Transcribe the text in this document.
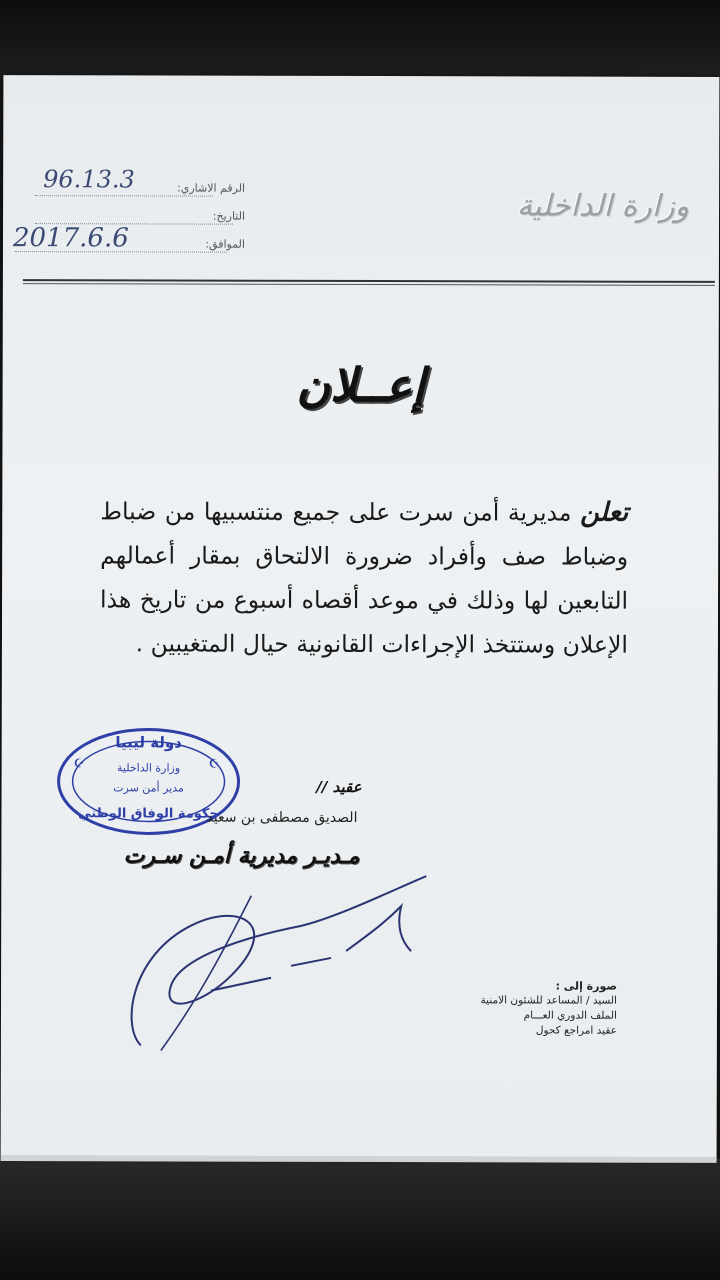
الرقم الاشاري:
96.13.3
التاريخ:
الموافق:
2017.6.6
وزارة الداخلية
إعــلان
تعلن مديرية أمن سرت على جميع منتسبيها من ضباط وضباط صف وأفراد ضرورة الالتحاق بمقار أعمالهم التابعين لها وذلك في موعد أقصاه أسبوع من تاريخ هذا الإعلان وستتخذ الإجراءات القانونية حيال المتغيبين .
☪
☪
دولة ليبيا
وزارة الداخلية
مدير أمن سرت
حكومة الوفاق الوطني
عقيد //
الصديق مصطفى بن سعيد
مـديـر مديرية أمـن سـرت
صورة إلى :
السيد / المساعد للشئون الامنية
الملف الدوري العـــام
عقيد امراجع كحول
